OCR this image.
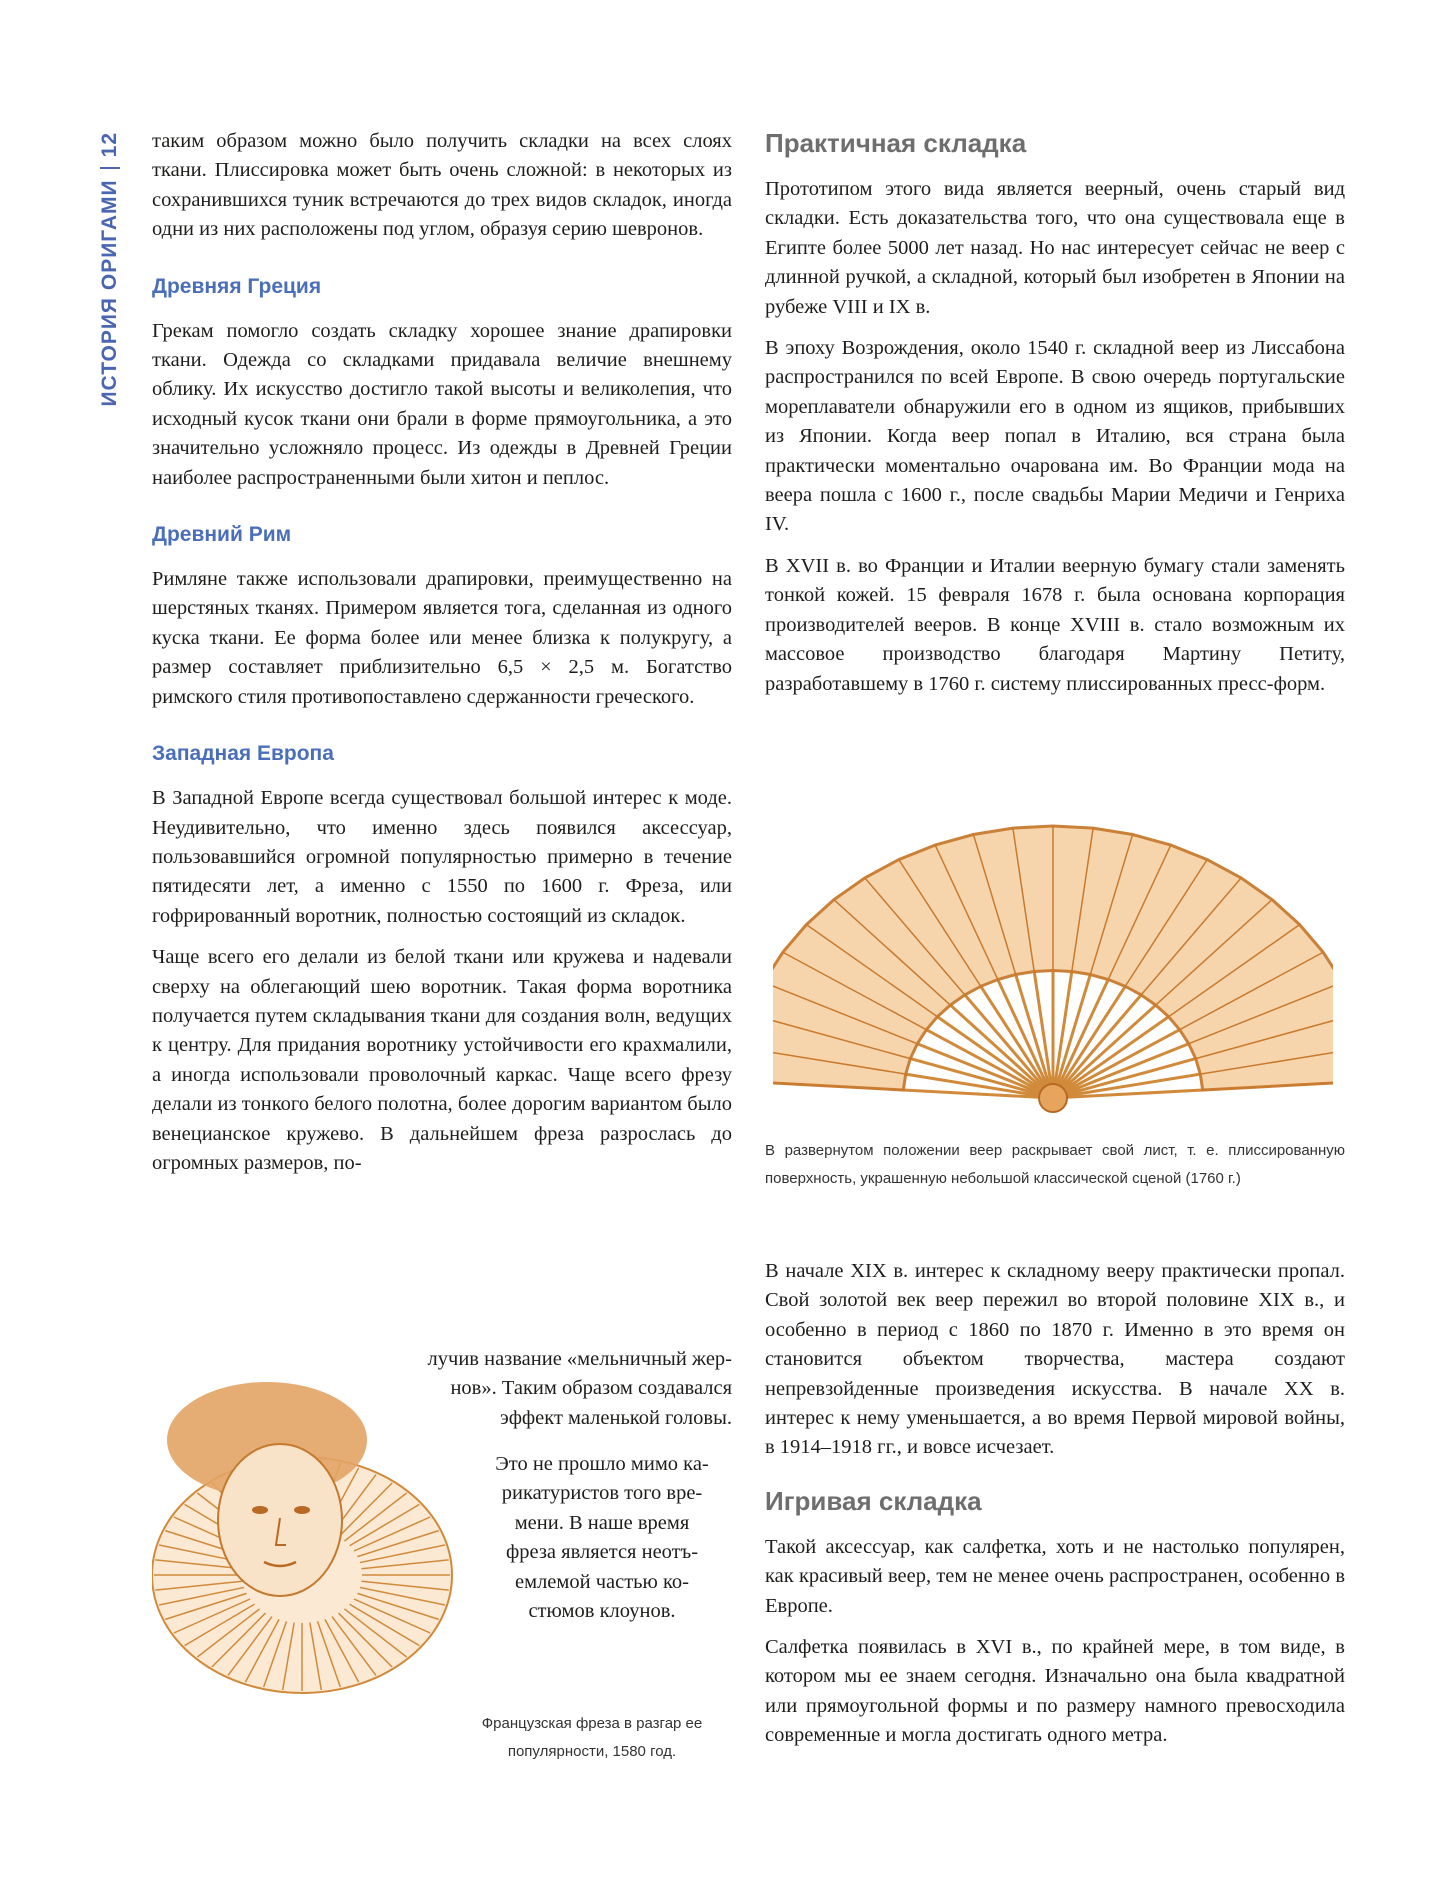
ИСТОРИЯ ОРИГАМИ
12 таким образом можно было получить складки на всех слоях ткани. Плиссировка может быть очень сложной: в некоторых из сохранившихся туник встречаются до трех видов складок, иногда одни из них расположены под углом, образуя серию шевронов.

Древняя Греция

Грекам помогло создать складку хорошее знание драпировки ткани. Одежда со складками придавала величие внешнему облику. Их искусство достигло такой высоты и великолепия, что исходный кусок ткани они брали в форме прямоугольника, а это значительно усложняло процесс. Из одежды в Древней Греции наиболее распространенными были хитон и пеплос.

Древний Рим

Римляне также использовали драпировки, преимущественно на шерстяных тканях. Примером является тога, сделанная из одного куска ткани. Ее форма более или менее близка к полукругу, а размер составляет приблизительно 6,5 × 2,5 м. Богатство римского стиля противопоставлено сдержанности греческого.

Западная Европа

В Западной Европе всегда существовал большой интерес к моде. Неудивительно, что именно здесь появился аксессуар, пользовавшийся огромной популярностью примерно в течение пятидесяти лет, а именно с 1550 по 1600 г. Фреза, или гофрированный воротник, полностью состоящий из складок.

Чаще всего его делали из белой ткани или кружева и надевали сверху на облегающий шею воротник. Такая форма воротника получается путем складывания ткани для создания волн, ведущих к центру. Для придания воротнику устойчивости его крахмалили, а иногда использовали проволочный каркас. Чаще всего фрезу делали из тонкого белого полотна, более дорогим вариантом было венецианское кружево. В дальнейшем фреза разрослась до огромных размеров, по-

лучив название «мельничный жер-
нов». Таким образом создавался
эффект маленькой головы.
Это не прошло мимо ка-
рикатуристов того вре-
мени. В наше время
фреза является неотъ-
емлемой частью ко-
стюмов клоунов.
Французская фреза в разгар ее популярности, 1580 год.
Практичная складка

Прототипом этого вида является веерный, очень старый вид складки. Есть доказательства того, что она существовала еще в Египте более 5000 лет назад. Но нас интересует сейчас не веер с длинной ручкой, а складной, который был изобретен в Японии на рубеже VIII и IX в.

В эпоху Возрождения, около 1540 г. складной веер из Лиссабона распространился по всей Европе. В свою очередь португальские мореплаватели обнаружили его в одном из ящиков, прибывших из Японии. Когда веер попал в Италию, вся страна была практически моментально очарована им. Во Франции мода на веера пошла с 1600 г., после свадьбы Марии Медичи и Генриха IV.

В XVII в. во Франции и Италии веерную бумагу стали заменять тонкой кожей. 15 февраля 1678 г. была основана корпорация производителей вееров. В конце XVIII в. стало возможным их массовое производство благодаря Мартину Петиту, разработавшему в 1760 г. систему плиссированных пресс-форм.

В развернутом положении веер раскрывает свой лист, т. е. плиссированную поверхность, украшенную небольшой классической сценой (1760 г.)

В начале XIX в. интерес к складному вееру практически пропал. Свой золотой век веер пережил во второй половине XIX в., и особенно в период с 1860 по 1870 г. Именно в это время он становится объектом творчества, мастера создают непревзойденные произведения искусства. В начале XX в. интерес к нему уменьшается, а во время Первой мировой войны, в 1914–1918 гг., и вовсе исчезает.

Игривая складка

Такой аксессуар, как салфетка, хоть и не настолько популярен, как красивый веер, тем не менее очень распространен, особенно в Европе.

Салфетка появилась в XVI в., по крайней мере, в том виде, в котором мы ее знаем сегодня. Изначально она была квадратной или прямоугольной формы и по размеру намного превосходила современные и могла достигать одного метра.
